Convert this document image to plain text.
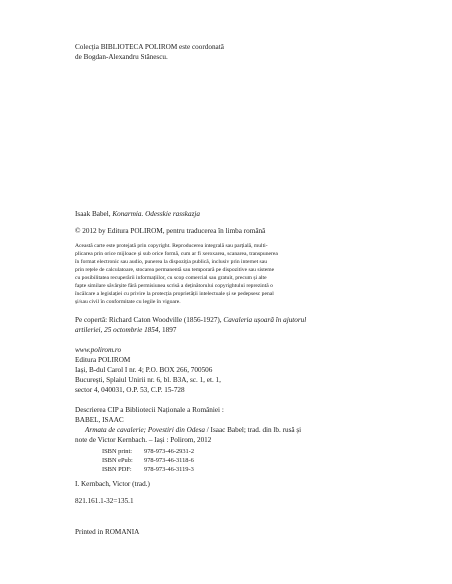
Colecția BIBLIOTECA POLIROM este coordonată
de Bogdan-Alexandru Stănescu.
Isaak Babel, Konarmia. Odesskie rasskazja
© 2012 by Editura POLIROM, pentru traducerea în limba română
Această carte este protejată prin copyright. Reproducerea integrală sau parțială, multi-
plicarea prin orice mijloace și sub orice formă, cum ar fi xeroxarea, scanarea, transpunerea
în format electronic sau audio, punerea la dispoziția publică, inclusiv prin internet sau
prin rețele de calculatoare, stocarea permanentă sau temporară pe dispozitive sau sisteme
cu posibilitatea recuperării informațiilor, cu scop comercial sau gratuit, precum și alte
fapte similare săvârșite fără permisiunea scrisă a deținătorului copyrightului reprezintă o
încălcare a legislației cu privire la protecția proprietății intelectuale și se pedepsesc penal
și/sau civil în conformitate cu legile în vigoare.
Pe copertă: Richard Caton Woodville (1856-1927), Cavaleria ușoară în ajutorul
artileriei, 25 octombrie 1854, 1897
www.polirom.ro
Editura POLIROM
Iași, B-dul Carol I nr. 4; P.O. BOX 266, 700506
București, Splaiul Unirii nr. 6, bl. B3A, sc. 1, et. 1,
sector 4, 040031, O.P. 53, C.P. 15-728
Descrierea CIP a Bibliotecii Naționale a României :
BABEL, ISAAC
Armata de cavalerie; Povestiri din Odesa / Isaac Babel; trad. din lb. rusă și
note de Victor Kernbach. – Iași : Polirom, 2012
ISBN print:	978-973-46-2931-2
ISBN ePub:	978-973-46-3118-6
ISBN PDF:	978-973-46-3119-3
I. Kernbach, Victor (trad.)
821.161.1-32=135.1
Printed in ROMANIA
